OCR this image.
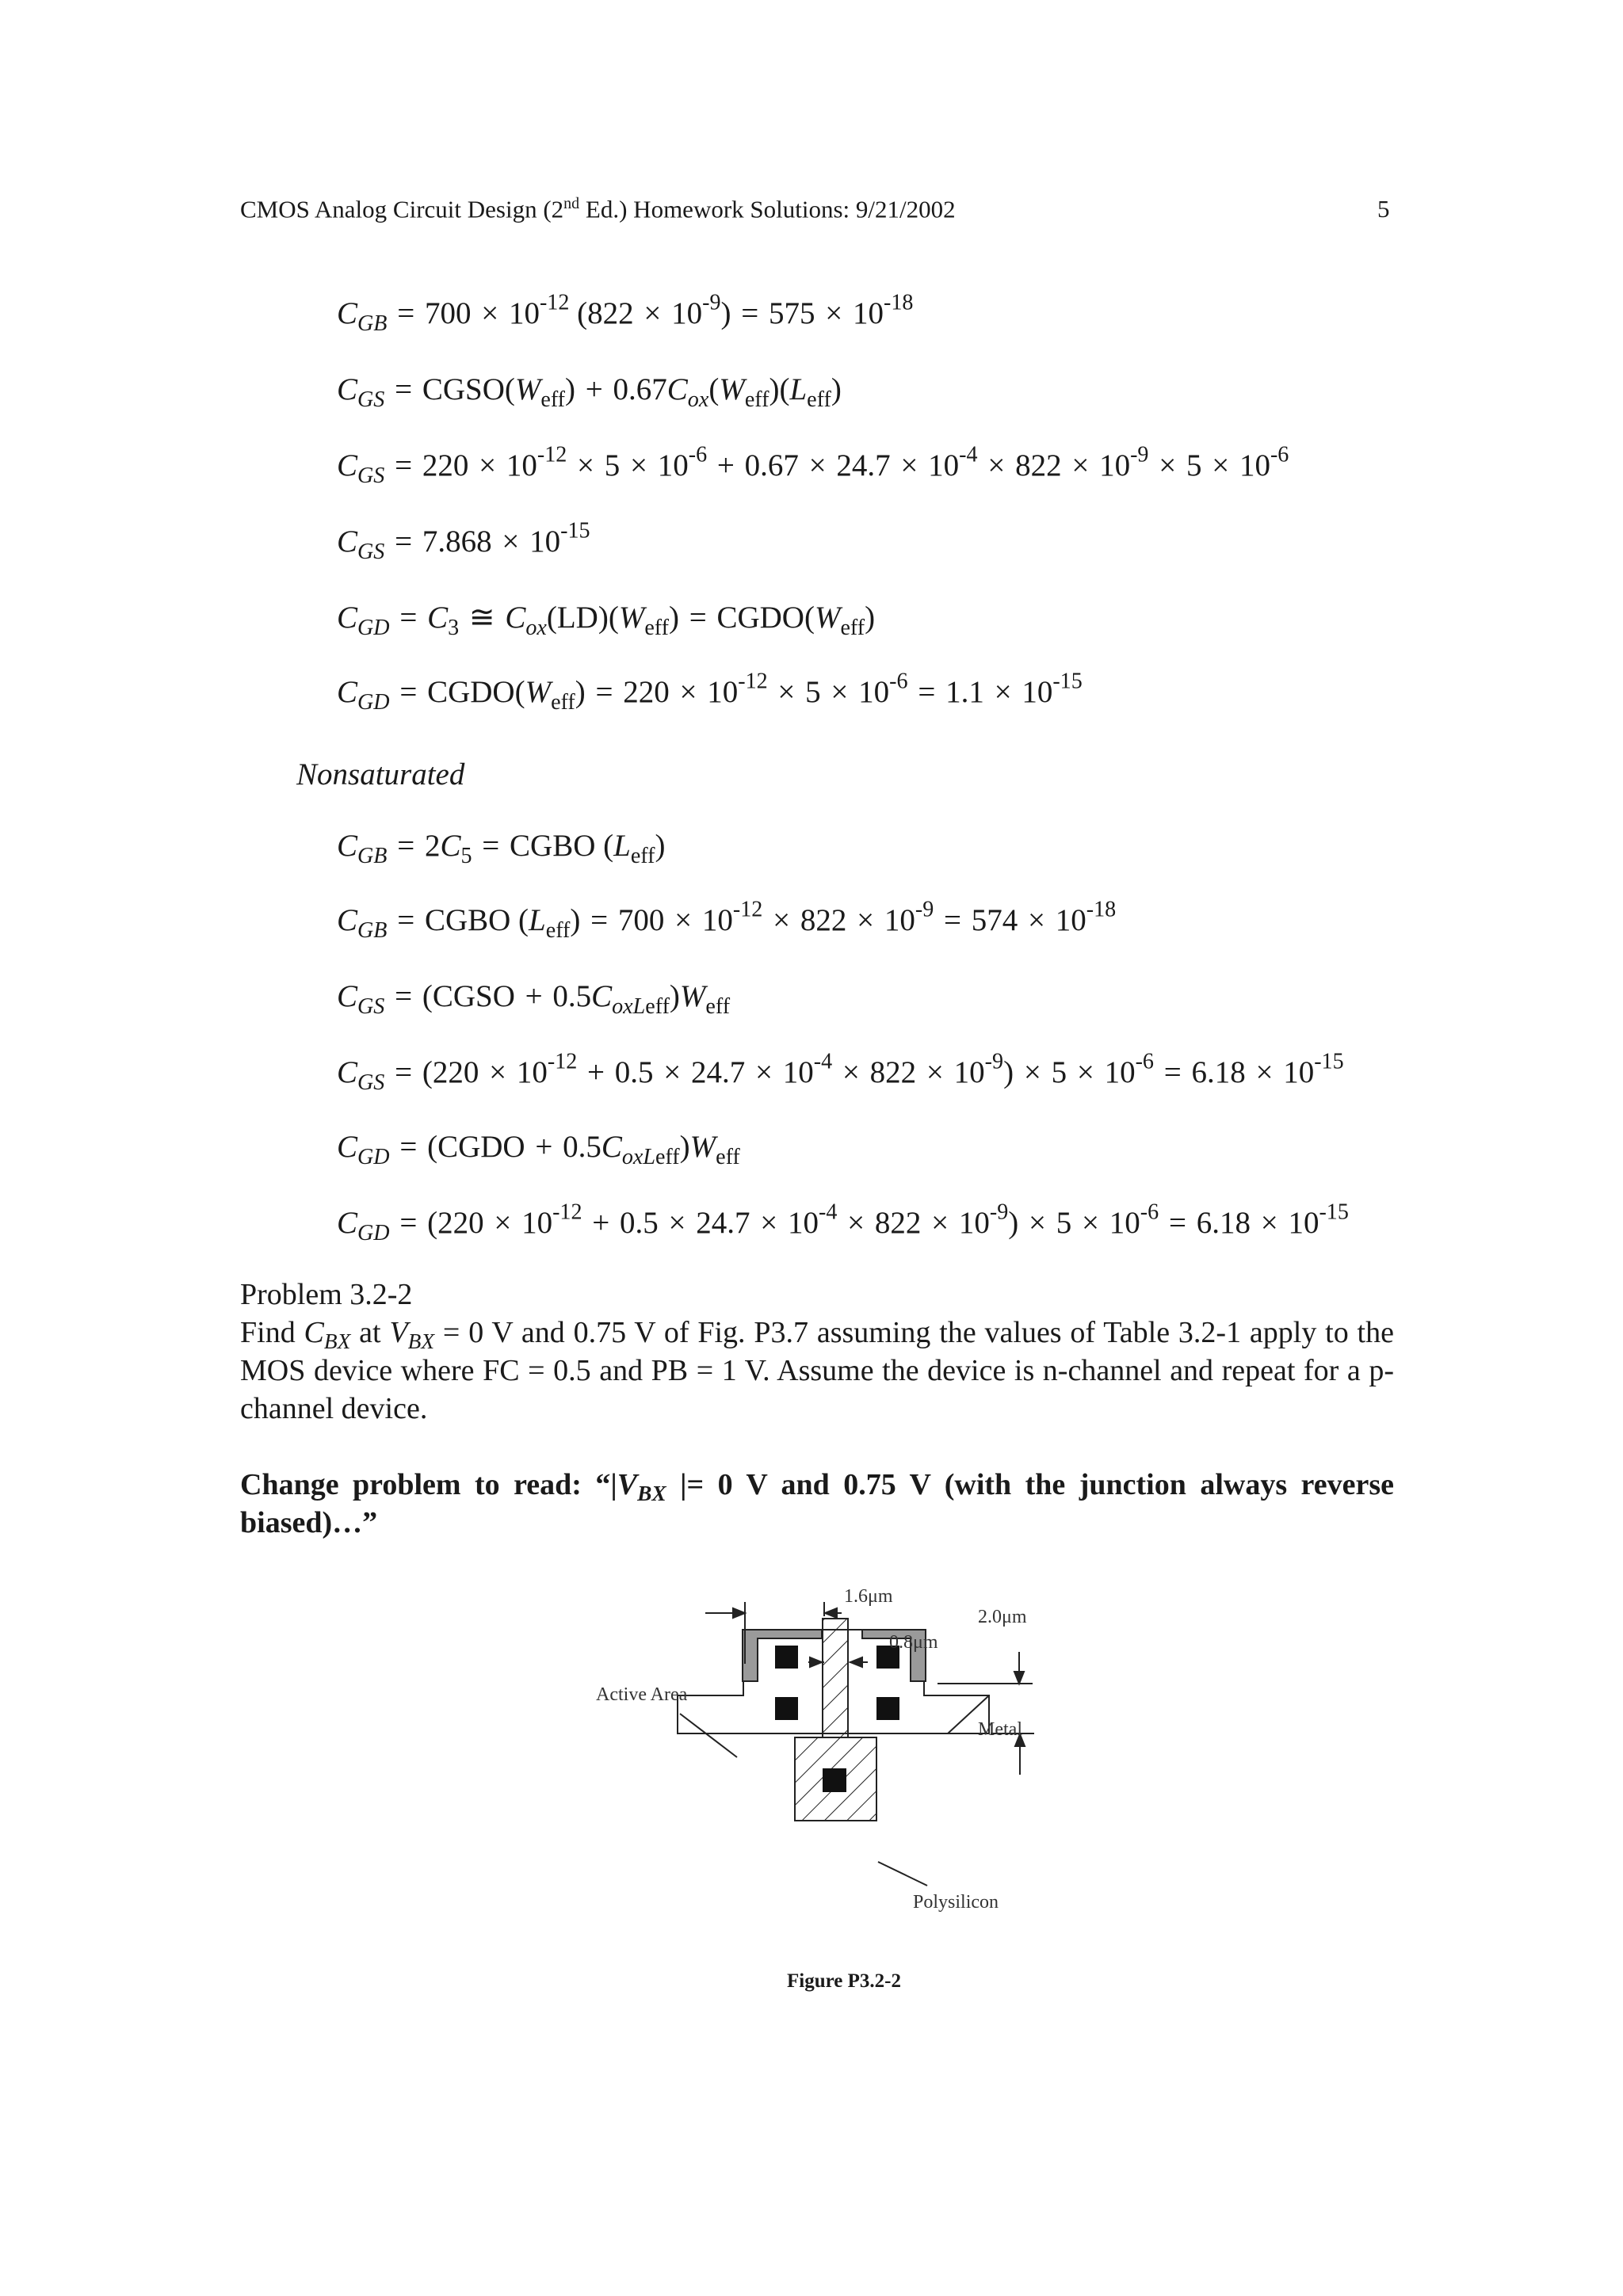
CMOS Analog Circuit Design (2nd Ed.) Homework Solutions: 9/21/2002	5
$C_{GB} = 700 \times 10^{-12}$ $(822 \times 10^{-9}) = 575 \times 10^{-18}$
$C_{GS}$ = $CGSO(W_{eff}) + 0.67C_{ox}(W_{eff})(L_{eff})$
$C_{GS} = 220 \times 10^{-12} \times 5 \times 10^{-6} + 0.67 \times 24.7 \times 10^{-4} \times 822 \times 10^{-9} \times 5 \times 10^{-6}$
$C_{GS} = 7.868 \times 10^{-15}$
$C_{GD} = C_3$ ≅ $C_{ox}(LD)(W_{eff})$ = $CGDO(W_{eff})$
$C_{GD}$ = $CGDO(W_{eff}) = 220 \times 10^{-12} \times 5 \times 10^{-6} = 1.1 \times 10^{-15}$
$C_{GB} = 2C_5$ = CGBO $(L_{eff})$
$C_{GB}$ = CGBO $(L_{eff}) = 700 \times 10^{-12} \times 822 \times 10^{-9} = 574 \times 10^{-18}$
$C_{GS}$ = (CGSO + $0.5C_{oxLeff})W_{eff}$
$C_{GS} = (220 \times 10^{-12} + 0.5 \times 24.7 \times 10^{-4} \times 822 \times 10^{-9}) \times 5 \times 10^{-6} = 6.18 \times 10^{-15}$
$C_{GD}$ = (CGDO + $0.5C_{oxLeff})W_{eff}$
$C_{GD} = (220 \times 10^{-12} + 0.5 \times 24.7 \times 10^{-4} \times 822 \times 10^{-9}) \times 5 \times 10^{-6} = 6.18 \times 10^{-15}$
Nonsaturated
Problem 3.2-2
Find $C_{BX}$ at $V_{BX} = 0$ V and 0.75 V of Fig. P3.7 assuming the values of Table 3.2-1 apply to the MOS device where FC = 0.5 and PB = 1 V. Assume the device is n-channel and repeat for a p-channel device.
Change problem to read: “$|V_{BX}$ |= 0 V and 0.75 V (with the junction always reverse biased)…”
1.6μm
0.8μm
2.0μm
Active Area
Metal
Polysilicon
Figure P3.2-2
